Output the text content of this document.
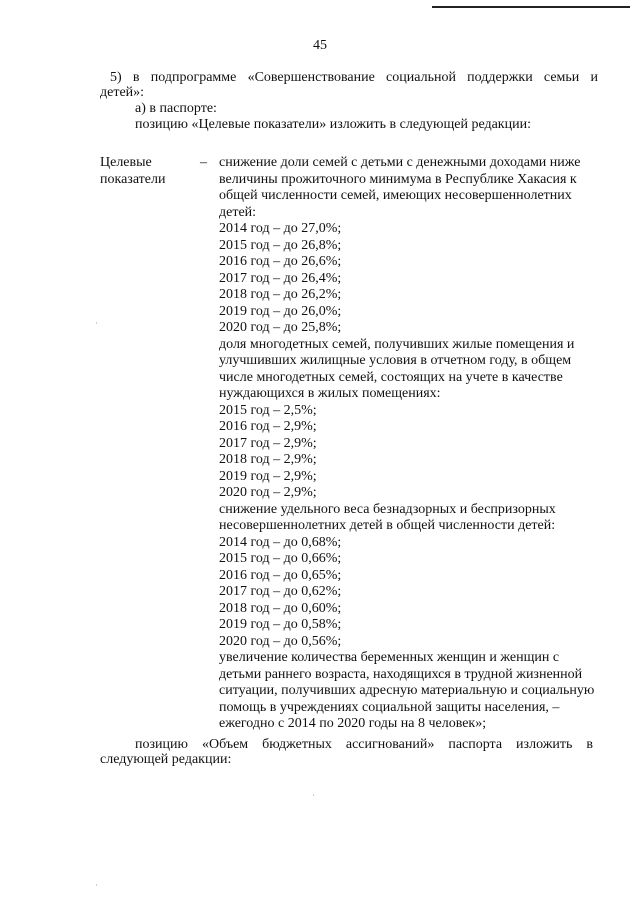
45
5) в подпрограмме «Совершенствование социальной поддержки семьи и
детей»:
а) в паспорте:
позицию «Целевые показатели» изложить в следующей редакции:
Целевые
показатели
– снижение доли семей с детьми с денежными доходами ниже
величины прожиточного минимума в Республике Хакасия к
общей численности семей, имеющих несовершеннолетних
детей:
2014 год – до 27,0%;
2015 год – до 26,8%;
2016 год – до 26,6%;
2017 год – до 26,4%;
2018 год – до 26,2%;
2019 год – до 26,0%;
2020 год – до 25,8%;
доля многодетных семей, получивших жилые помещения и
улучшивших жилищные условия в отчетном году, в общем
числе многодетных семей, состоящих на учете в качестве
нуждающихся в жилых помещениях:
2015 год – 2,5%;
2016 год – 2,9%;
2017 год – 2,9%;
2018 год – 2,9%;
2019 год – 2,9%;
2020 год – 2,9%;
снижение удельного веса безнадзорных и беспризорных
несовершеннолетних детей в общей численности детей:
2014 год – до 0,68%;
2015 год – до 0,66%;
2016 год – до 0,65%;
2017 год – до 0,62%;
2018 год – до 0,60%;
2019 год – до 0,58%;
2020 год – до 0,56%;
увеличение количества беременных женщин и женщин с
детьми раннего возраста, находящихся в трудной жизненной
ситуации, получивших адресную материальную и социальную
помощь в учреждениях социальной защиты населения, –
ежегодно с 2014 по 2020 годы на 8 человек»;
позицию «Объем бюджетных ассигнований» паспорта изложить в
следующей редакции:
·
·
·
